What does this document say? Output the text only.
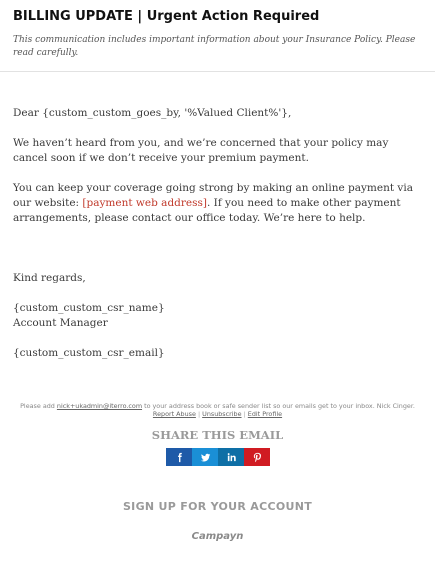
BILLING UPDATE | Urgent Action Required
This communication includes important information about your Insurance Policy. Please read carefully.

Dear {custom_custom_goes_by, '%Valued Client%'},

We haven’t heard from you, and we’re concerned that your policy may cancel soon if we don’t receive your premium payment.

You can keep your coverage going strong by making an online payment via our website: [payment web address]. If you need to make other payment arrangements, please contact our office today. We’re here to help.

Kind regards,

{custom_custom_csr_name}

Account Manager

{custom_custom_csr_email}

Please add nick+ukadmin@iterro.com to your address book or safe sender list so our emails get to your inbox. Nick Cinger.
Report Abuse | Unsubscribe | Edit Profile
SHARE THIS EMAIL
SIGN UP FOR YOUR ACCOUNT
Campayn
